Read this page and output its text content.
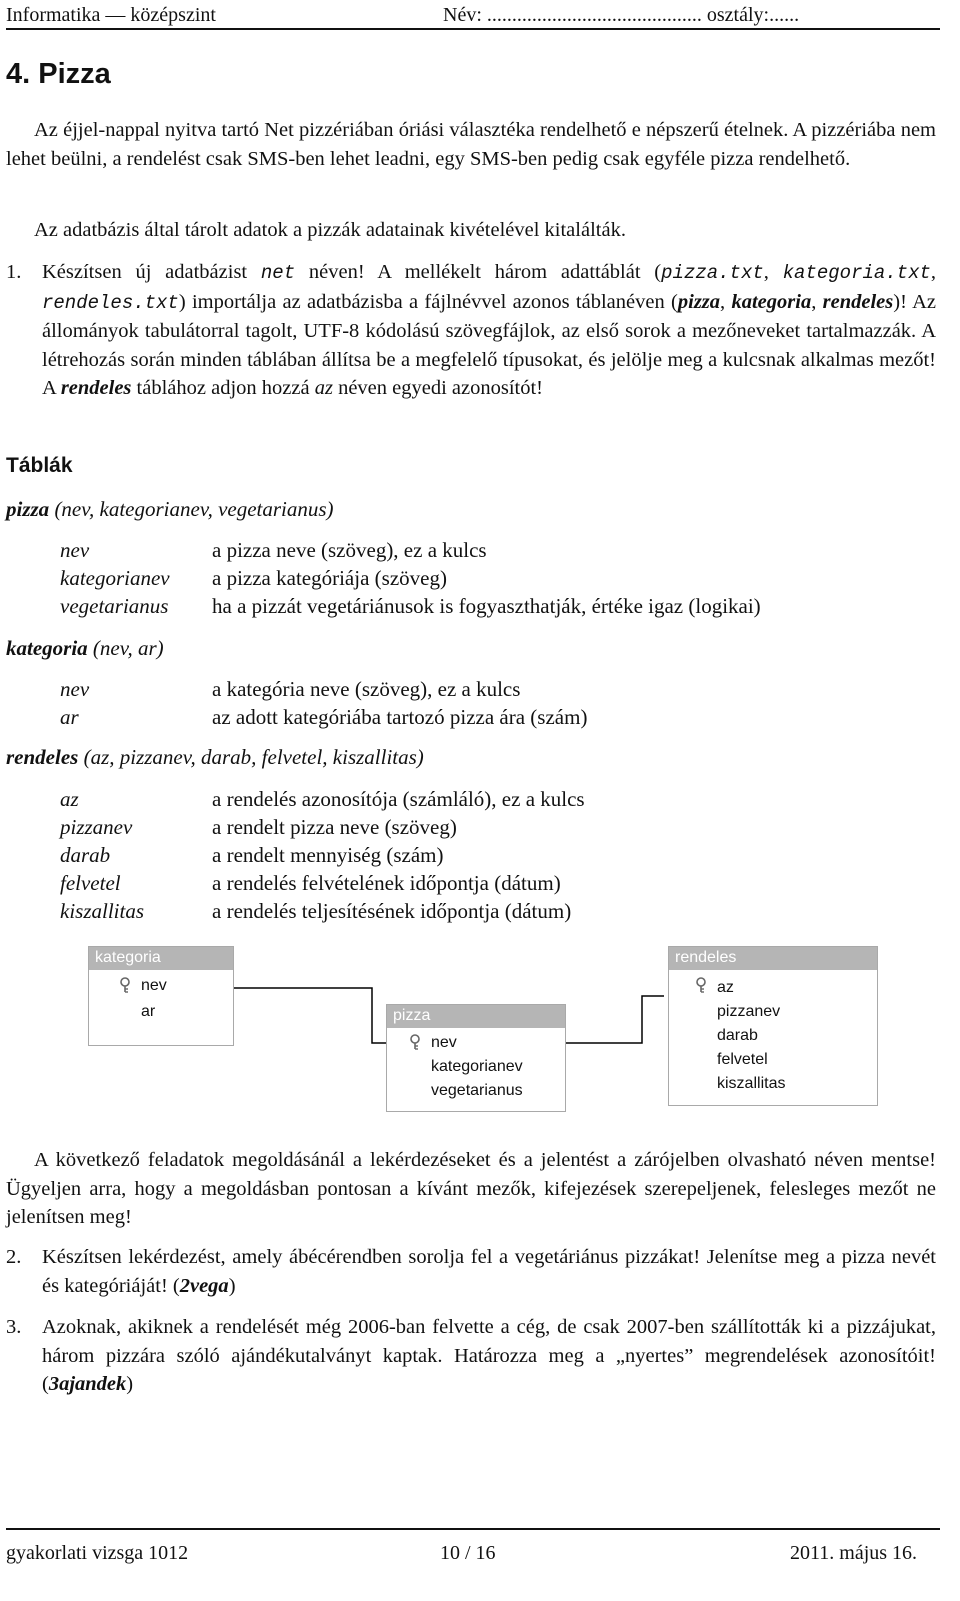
Informatika — középszint	Név: ........................................... osztály:......
4. Pizza

Az éjjel-nappal nyitva tartó Net pizzériában óriási választéka rendelhető e népszerű ételnek. A pizzériába nem lehet beülni, a rendelést csak SMS-ben lehet leadni, egy SMS-ben pedig csak egyféle pizza rendelhető.

Az adatbázis által tárolt adatok a pizzák adatainak kivételével kitalálták.

1. Készítsen új adatbázist net néven! A mellékelt három adattáblát (pizza.txt, kategoria.txt, rendeles.txt) importálja az adatbázisba a fájlnévvel azonos táblanéven (pizza, kategoria, rendeles)! Az állományok tabulátorral tagolt, UTF-8 kódolású szövegfájlok, az első sorok a mezőneveket tartalmazzák. A létrehozás során minden táblában állítsa be a megfelelő típusokat, és jelölje meg a kulcsnak alkalmas mezőt! A rendeles táblához adjon hozzá az néven egyedi azonosítót!
Táblák
pizza (nev, kategorianev, vegetarianus)
nev	a pizza neve (szöveg), ez a kulcs
kategorianev a pizza kategóriája (szöveg)
vegetarianus ha a pizzát vegetáriánusok is fogyaszthatják, értéke igaz (logikai)
kategoria (nev, ar)
nev	a kategória neve (szöveg), ez a kulcs
ar	az adott kategóriába tartozó pizza ára (szám)
rendeles (az, pizzanev, darab, felvetel, kiszallitas)
az	a rendelés azonosítója (számláló), ez a kulcs
pizzanev	a rendelt pizza neve (szöveg)
darab	a rendelt mennyiség (szám)
felvetel	a rendelés felvételének időpontja (dátum)
kiszallitas	a rendelés teljesítésének időpontja (dátum)
kategoria
nev
ar	pizza
nev
kategorianev
vegetarianus
rendeles
az
pizzanev
darab
felvetel
kiszallitas

A következő feladatok megoldásánál a lekérdezéseket és a jelentést a zárójelben olvasható néven mentse! Ügyeljen arra, hogy a megoldásban pontosan a kívánt mezők, kifejezések szerepeljenek, felesleges mezőt ne jelenítsen meg!

2. Készítsen lekérdezést, amely ábécérendben sorolja fel a vegetáriánus pizzákat! Jelenítse meg a pizza nevét és kategóriáját! (2vega)
3. Azoknak, akiknek a rendelését még 2006-ban felvette a cég, de csak 2007-ben szállították ki a pizzájukat, három pizzára szóló ajándékutalványt kaptak. Határozza meg a „nyertes” megrendelések azonosítóit! (3ajandek)
gyakorlati vizsga 1012	10 / 16	2011. május 16.
